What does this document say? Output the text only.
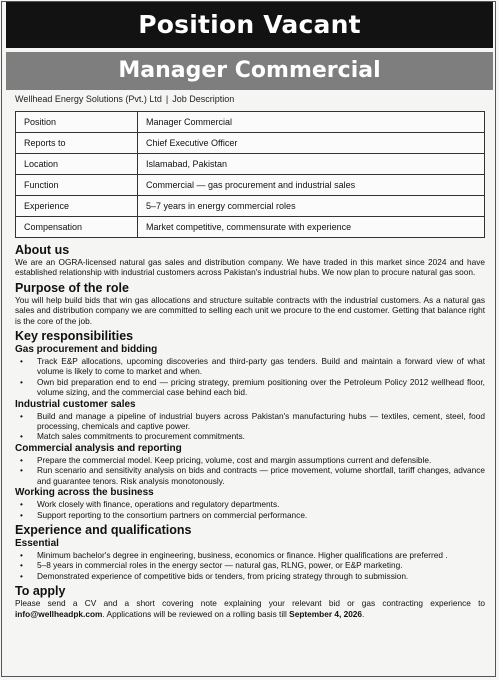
Position Vacant
Manager Commercial
Wellhead Energy Solutions (Pvt.) Ltd | Job Description
Position	Manager Commercial
Reports to	Chief Executive Officer
Location	Islamabad, Pakistan
Function	Commercial — gas procurement and industrial sales
Experience	5–7 years in energy commercial roles
Compensation	Market competitive, commensurate with experience
About us

We are an OGRA-licensed natural gas sales and distribution company. We have traded in this market since 2024 and have established relationship with industrial customers across Pakistan's industrial hubs. We now plan to procure natural gas soon.

Purpose of the role

You will help build bids that win gas allocations and structure suitable contracts with the industrial customers. As a natural gas sales and distribution company we are committed to selling each unit we procure to the end customer. Getting that balance right is the core of the job.

Key responsibilities
Gas procurement and bidding
• Track E&P allocations, upcoming discoveries and third-party gas tenders. Build and maintain a forward view of what volume is likely to come to market and when.
• Own bid preparation end to end — pricing strategy, premium positioning over the Petroleum Policy 2012 wellhead floor, volume sizing, and the commercial case behind each bid.
Industrial customer sales
• Build and manage a pipeline of industrial buyers across Pakistan's manufacturing hubs — textiles, cement, steel, food processing, chemicals and captive power.
• Match sales commitments to procurement commitments.
Commercial analysis and reporting
• Prepare the commercial model. Keep pricing, volume, cost and margin assumptions current and defensible.
• Run scenario and sensitivity analysis on bids and contracts — price movement, volume shortfall, tariff changes, advance and guarantee tenors. Risk analysis monotonously.
Working across the business
• Work closely with finance, operations and regulatory departments.
• Support reporting to the consortium partners on commercial performance.
Experience and qualifications
Essential
• Minimum bachelor's degree in engineering, business, economics or finance. Higher qualifications are preferred .
• 5–8 years in commercial roles in the energy sector — natural gas, RLNG, power, or E&P marketing.
• Demonstrated experience of competitive bids or tenders, from pricing strategy through to submission.
To apply

Please send a CV and a short covering note explaining your relevant bid or gas contracting experience to info@wellheadpk.com. Applications will be reviewed on a rolling basis till September 4, 2026.
